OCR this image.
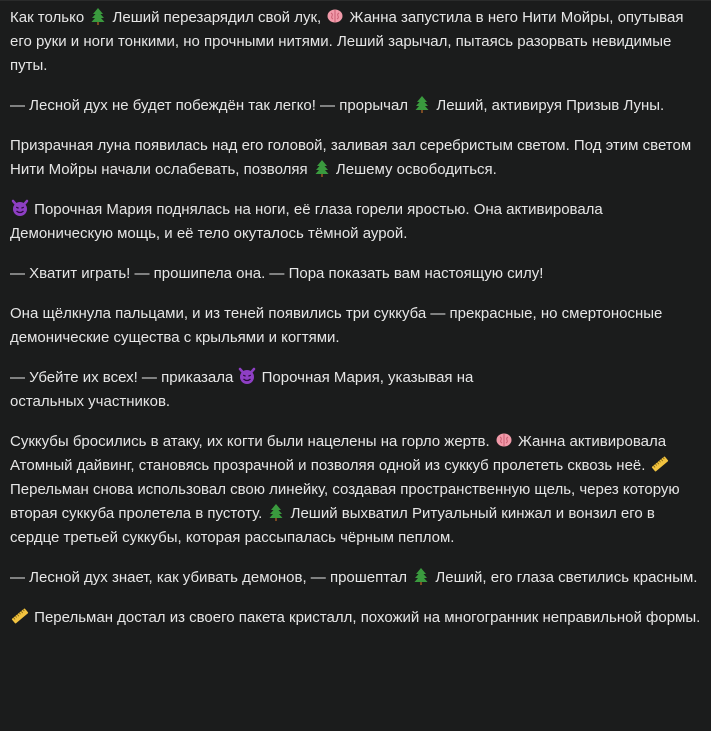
Как только
Леший перезарядил свой лук,
Жанна запустила в него Нити Мойры, опутывая его руки и ноги тонкими, но прочными нитями. Леший зарычал, пытаясь разорвать невидимые путы.

— Лесной дух не будет побеждён так легко! — прорычал
Леший, активируя Призыв Луны.

Призрачная луна появилась над его головой, заливая зал серебристым светом. Под этим светом Нити Мойры начали ослабевать, позволяя
Лешему освободиться.

Порочная Мария поднялась на ноги, её глаза горели яростью. Она активировала Демоническую мощь, и её тело окуталось тёмной аурой.

— Хватит играть! — прошипела она. — Пора показать вам настоящую силу!

Она щёлкнула пальцами, и из теней появились три суккуба — прекрасные, но смертоносные демонические существа с крыльями и когтями.

— Убейте их всех! — приказала
Порочная Мария, указывая на остальных участников.

Суккубы бросились в атаку, их когти были нацелены на горло жертв.
Жанна активировала Атомный дайвинг, становясь прозрачной и позволяя одной из суккуб пролететь сквозь неё.
Перельман снова использовал свою линейку, создавая пространственную щель, через которую вторая суккуба пролетела в пустоту.
Леший выхватил Ритуальный кинжал и вонзил его в сердце третьей суккубы, которая рассыпалась чёрным пеплом.

— Лесной дух знает, как убивать демонов, — прошептал
Леший, его глаза светились красным.

Перельман достал из своего пакета кристалл, похожий на многогранник неправильной формы.
